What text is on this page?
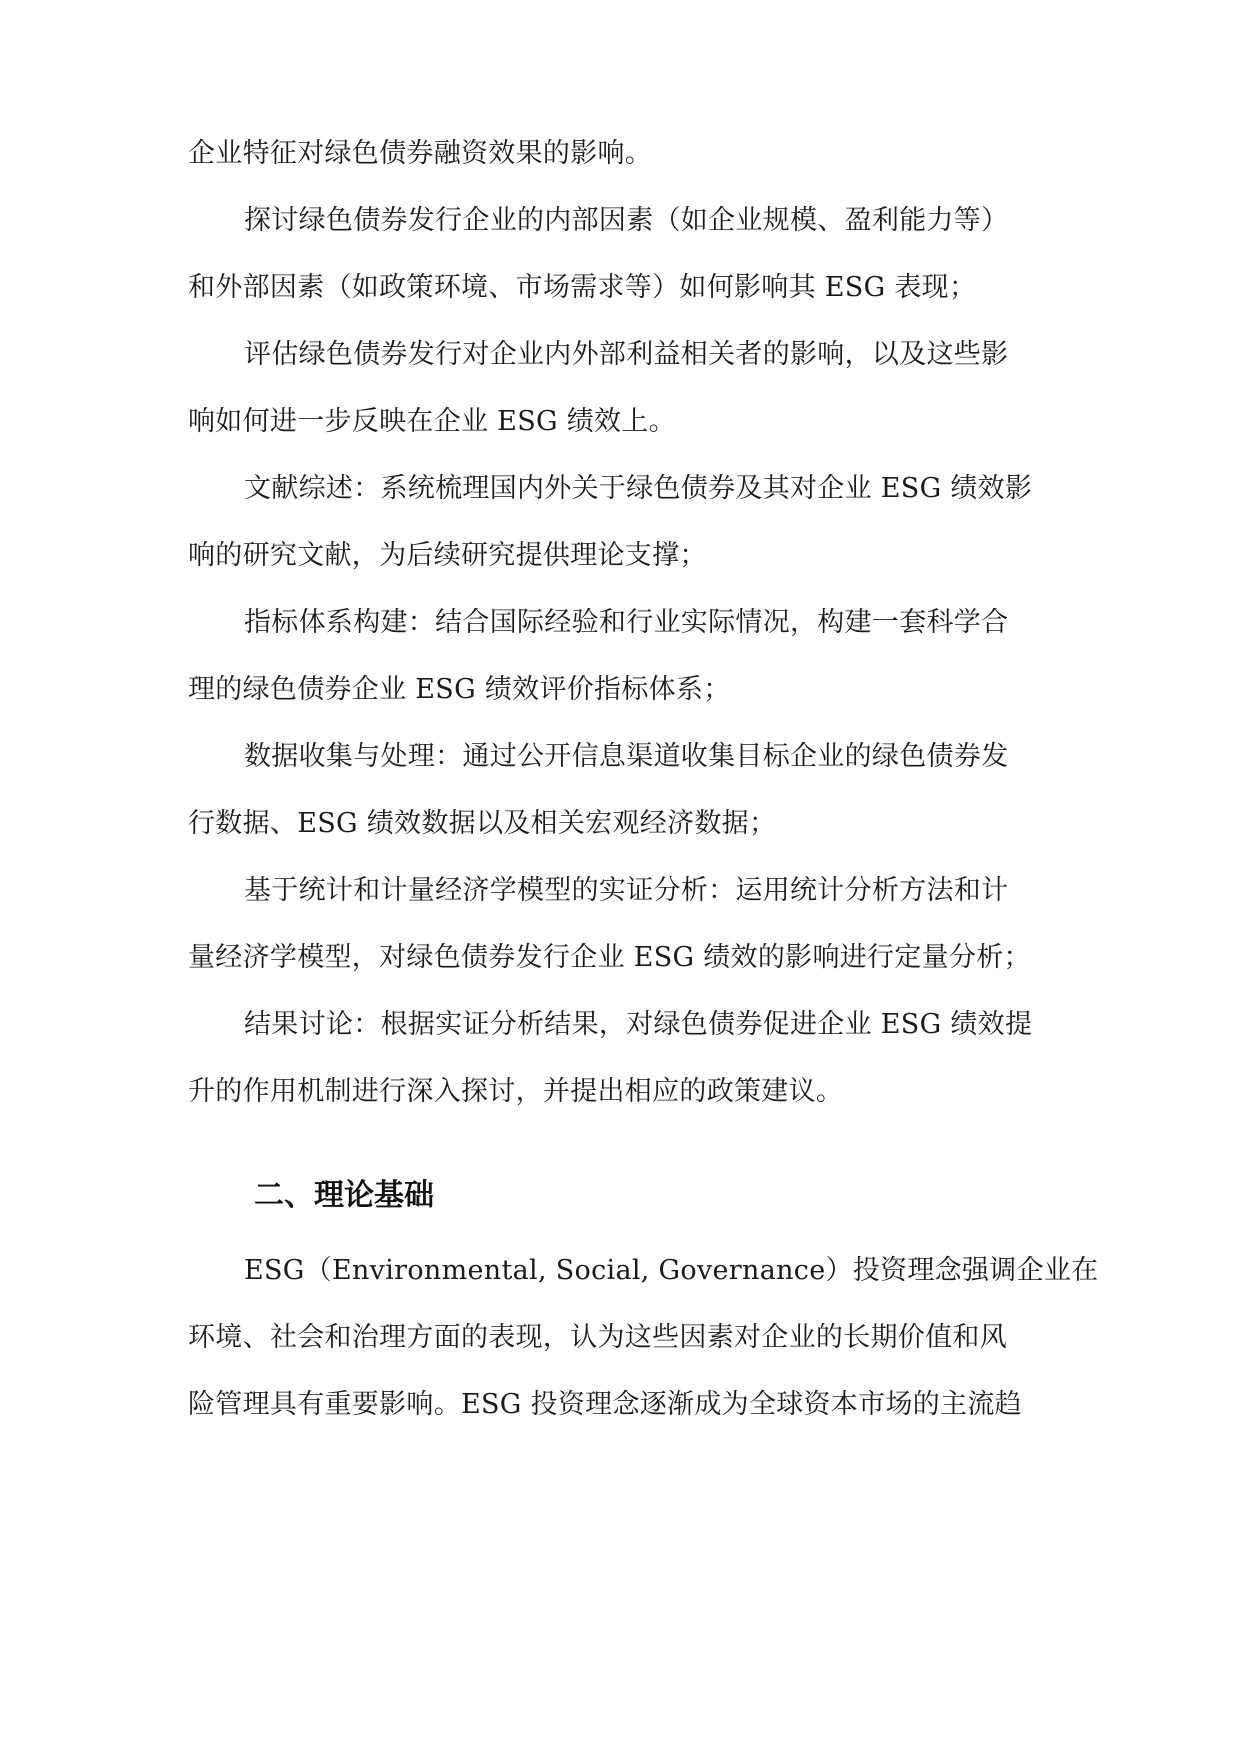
企业特征对绿色债券融资效果的影响。
探讨绿色债券发行企业的内部因素（如企业规模、盈利能力等）
和外部因素（如政策环境、市场需求等）如何影响其 ESG 表现；
评估绿色债券发行对企业内外部利益相关者的影响，以及这些影
响如何进一步反映在企业 ESG 绩效上。
文献综述：系统梳理国内外关于绿色债券及其对企业 ESG 绩效影
响的研究文献，为后续研究提供理论支撑；
指标体系构建：结合国际经验和行业实际情况，构建一套科学合
理的绿色债券企业 ESG 绩效评价指标体系；
数据收集与处理：通过公开信息渠道收集目标企业的绿色债券发
行数据、ESG 绩效数据以及相关宏观经济数据；
基于统计和计量经济学模型的实证分析：运用统计分析方法和计
量经济学模型，对绿色债券发行企业 ESG 绩效的影响进行定量分析；
结果讨论：根据实证分析结果，对绿色债券促进企业 ESG 绩效提
升的作用机制进行深入探讨，并提出相应的政策建议。
二、理论基础
ESG（Environmental, Social, Governance）投资理念强调企业在
环境、社会和治理方面的表现，认为这些因素对企业的长期价值和风
险管理具有重要影响。ESG 投资理念逐渐成为全球资本市场的主流趋
